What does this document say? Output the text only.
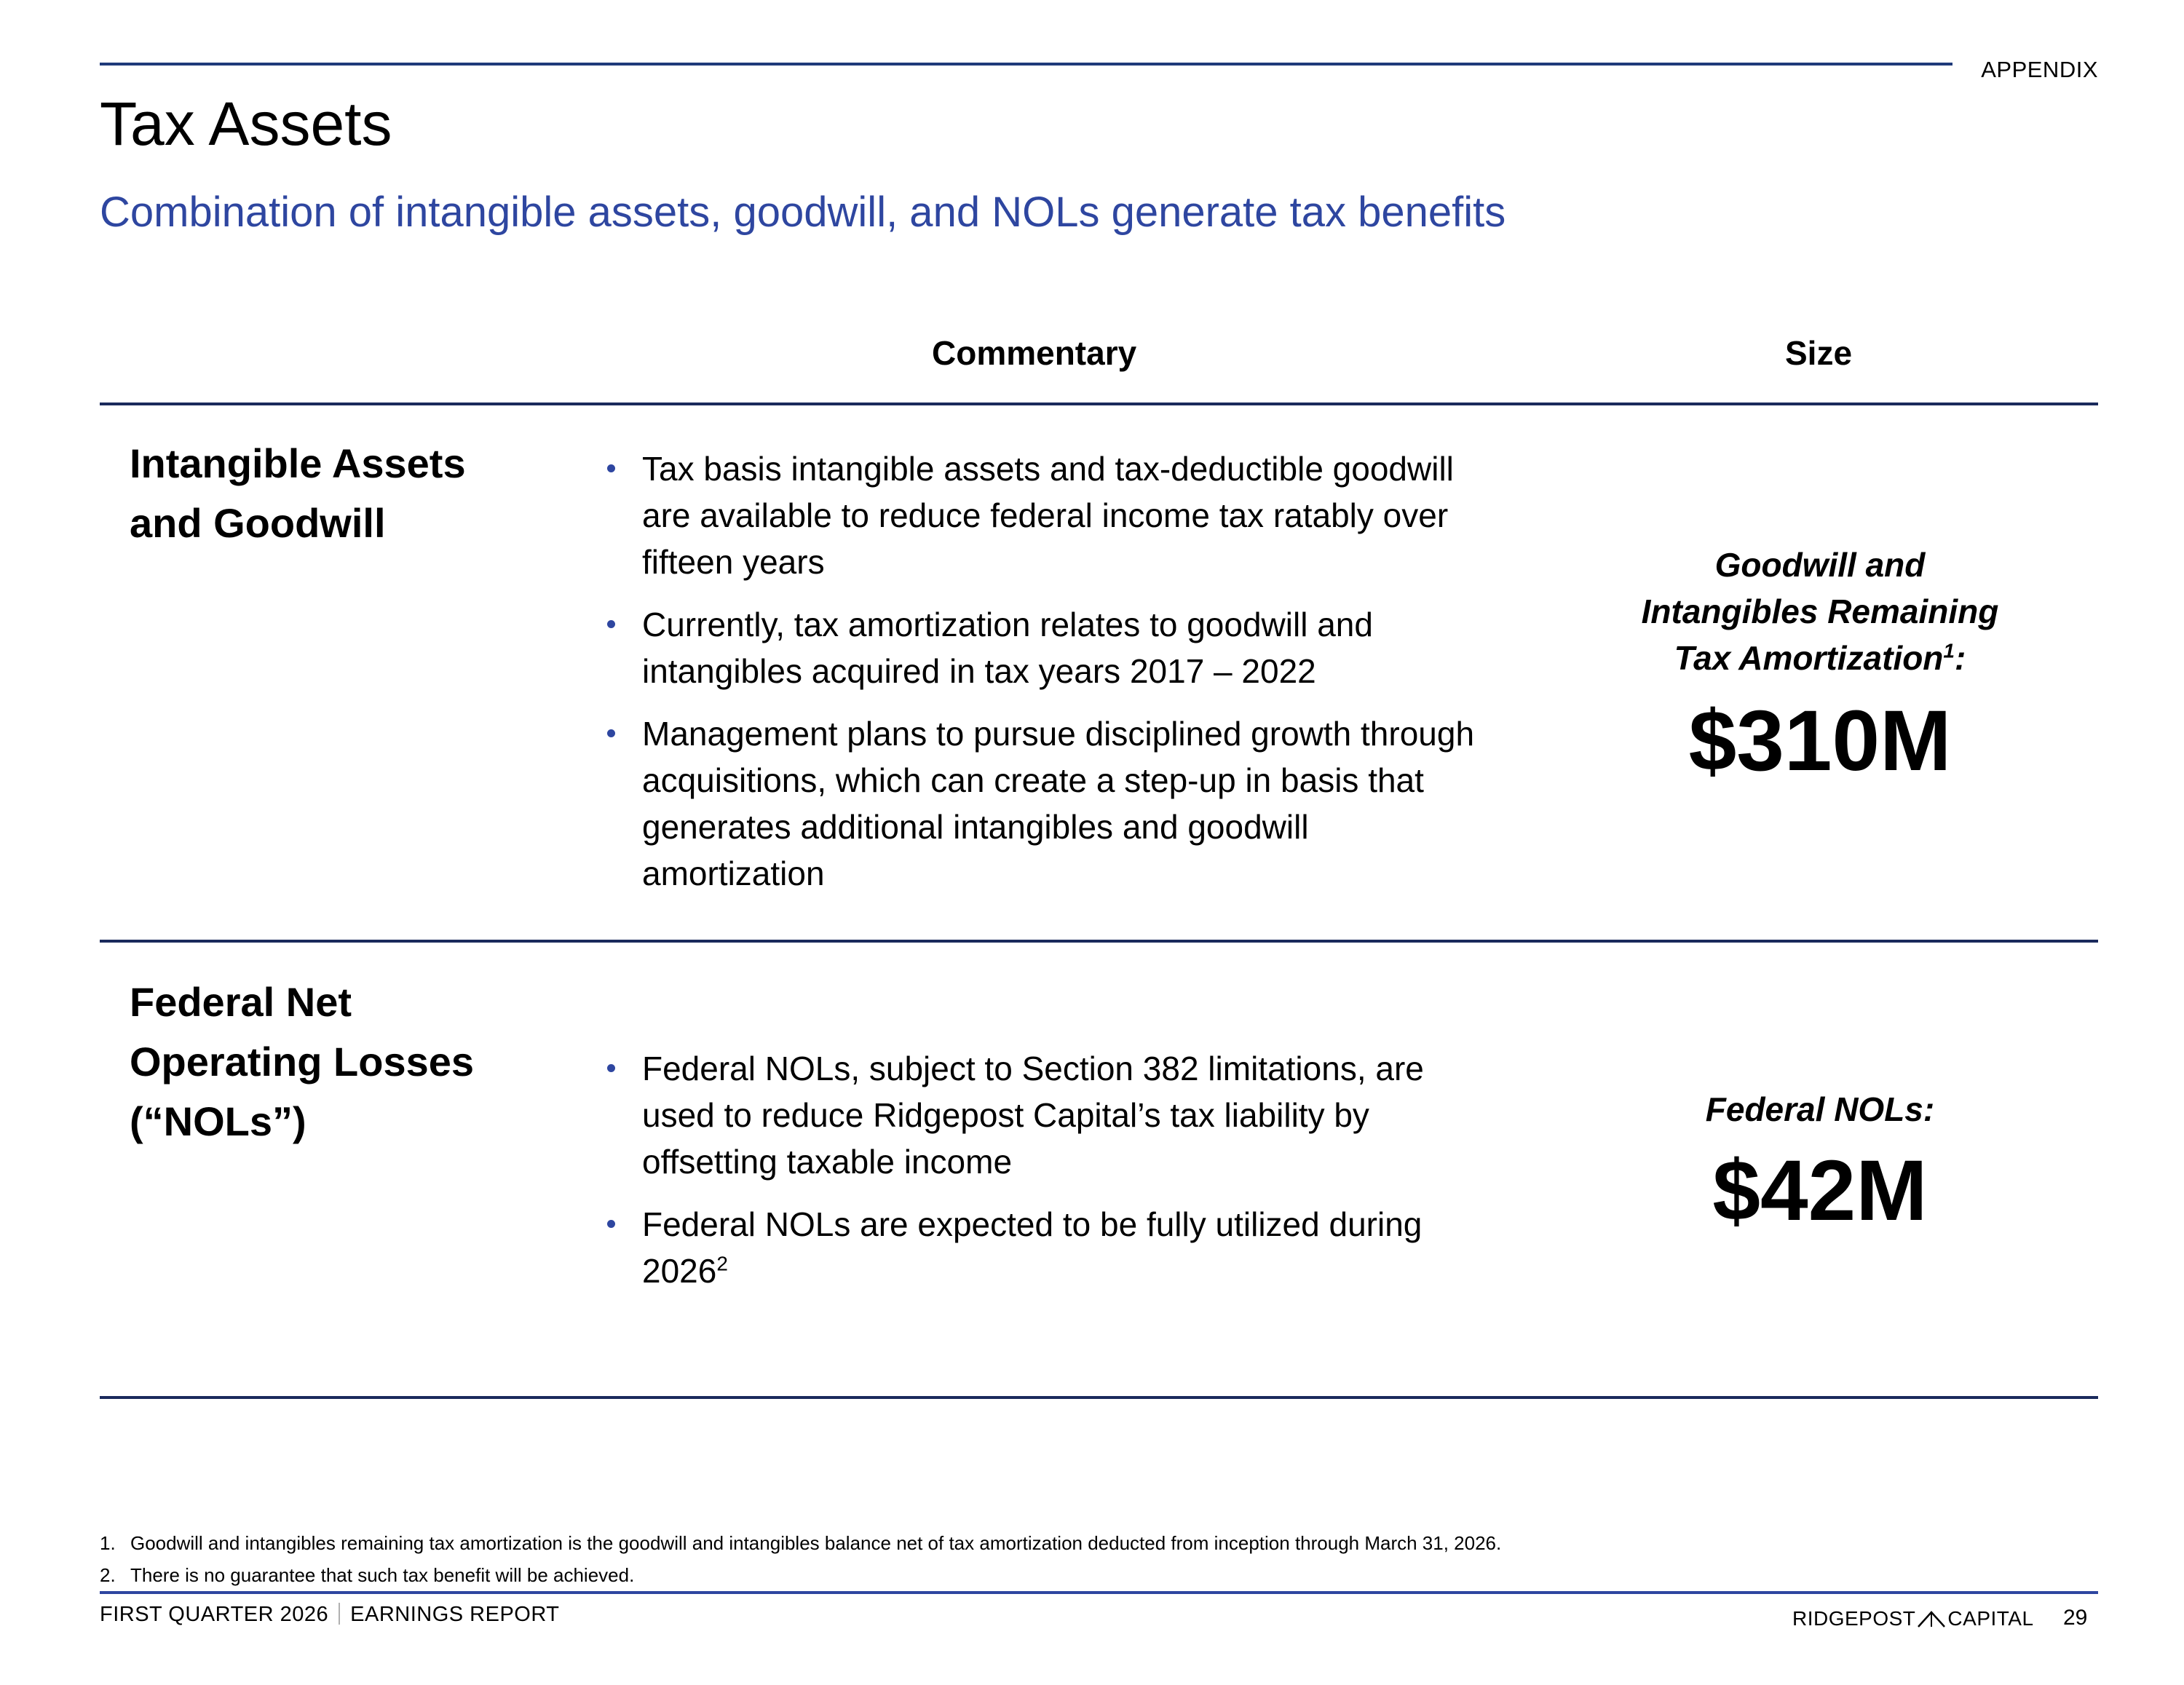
APPENDIX
Tax Assets
Combination of intangible assets, goodwill, and NOLs generate tax benefits
Commentary	Size
Intangible Assets
and Goodwill
Tax basis intangible assets and tax-deductible goodwill are available to reduce federal income tax ratably over fifteen years
Currently, tax amortization relates to goodwill and intangibles acquired in tax years 2017 – 2022
Management plans to pursue disciplined growth through acquisitions, which can create a step-up in basis that generates additional intangibles and goodwill amortization
Goodwill and
Intangibles Remaining
Tax Amortization$^1$:
$310M
Federal Net
Operating Losses
(“NOLs”)
Federal NOLs, subject to Section 382 limitations, are used to reduce Ridgepost Capital’s tax liability by offsetting taxable income
Federal NOLs are expected to be fully utilized during 2026$^2$
Federal NOLs:
$42M
1. Goodwill and intangibles remaining tax amortization is the goodwill and intangibles balance net of tax amortization deducted from inception through March 31, 2026.
2. There is no guarantee that such tax benefit will be achieved.
FIRST QUARTER 2026 EARNINGS REPORT	RIDGEPOST CAPITAL 29
